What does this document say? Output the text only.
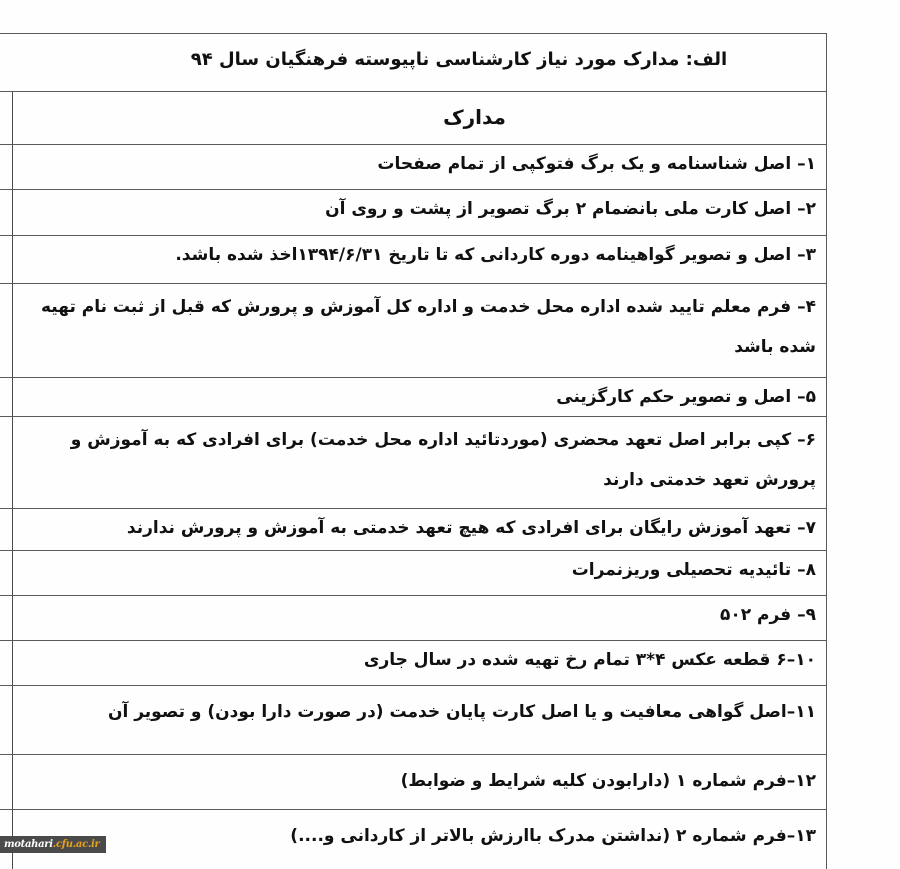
الف: مدارک مورد نیاز کارشناسی ناپیوسته فرهنگیان سال ۹۴
مدارک
۱– اصل شناسنامه و یک برگ فتوکپی از تمام صفحات
۲– اصل کارت ملی بانضمام ۲ برگ تصویر از پشت و روی آن
۳– اصل و تصویر گواهینامه دوره کاردانی که تا تاریخ ۱۳۹۴/۶/۳۱اخذ شده باشد.
۴– فرم معلم تایید شده اداره محل خدمت و اداره کل آموزش و پرورش که قبل از ثبت نام تهیه شده باشد
۵– اصل و تصویر حکم کارگزینی
۶– کپی برابر اصل تعهد محضری (موردتائید اداره محل خدمت) برای افرادی که به آموزش و پرورش تعهد خدمتی دارند
۷– تعهد آموزش رایگان برای افرادی که هیچ تعهد خدمتی به آموزش و پرورش ندارند
۸– تائیدیه تحصیلی وریزنمرات
۹– فرم ۵۰۲
۱۰–۶ قطعه عکس ۴*۳ تمام رخ تهیه شده در سال جاری
۱۱–اصل گواهی معافیت و یا اصل کارت پایان خدمت (در صورت دارا بودن) و تصویر آن
۱۲–فرم شماره ۱ (دارابودن کلیه شرایط و ضوابط)
۱۳–فرم شماره ۲ (نداشتن مدرک باارزش بالاتر از کاردانی و....)
motahari.cfu.ac.ir
